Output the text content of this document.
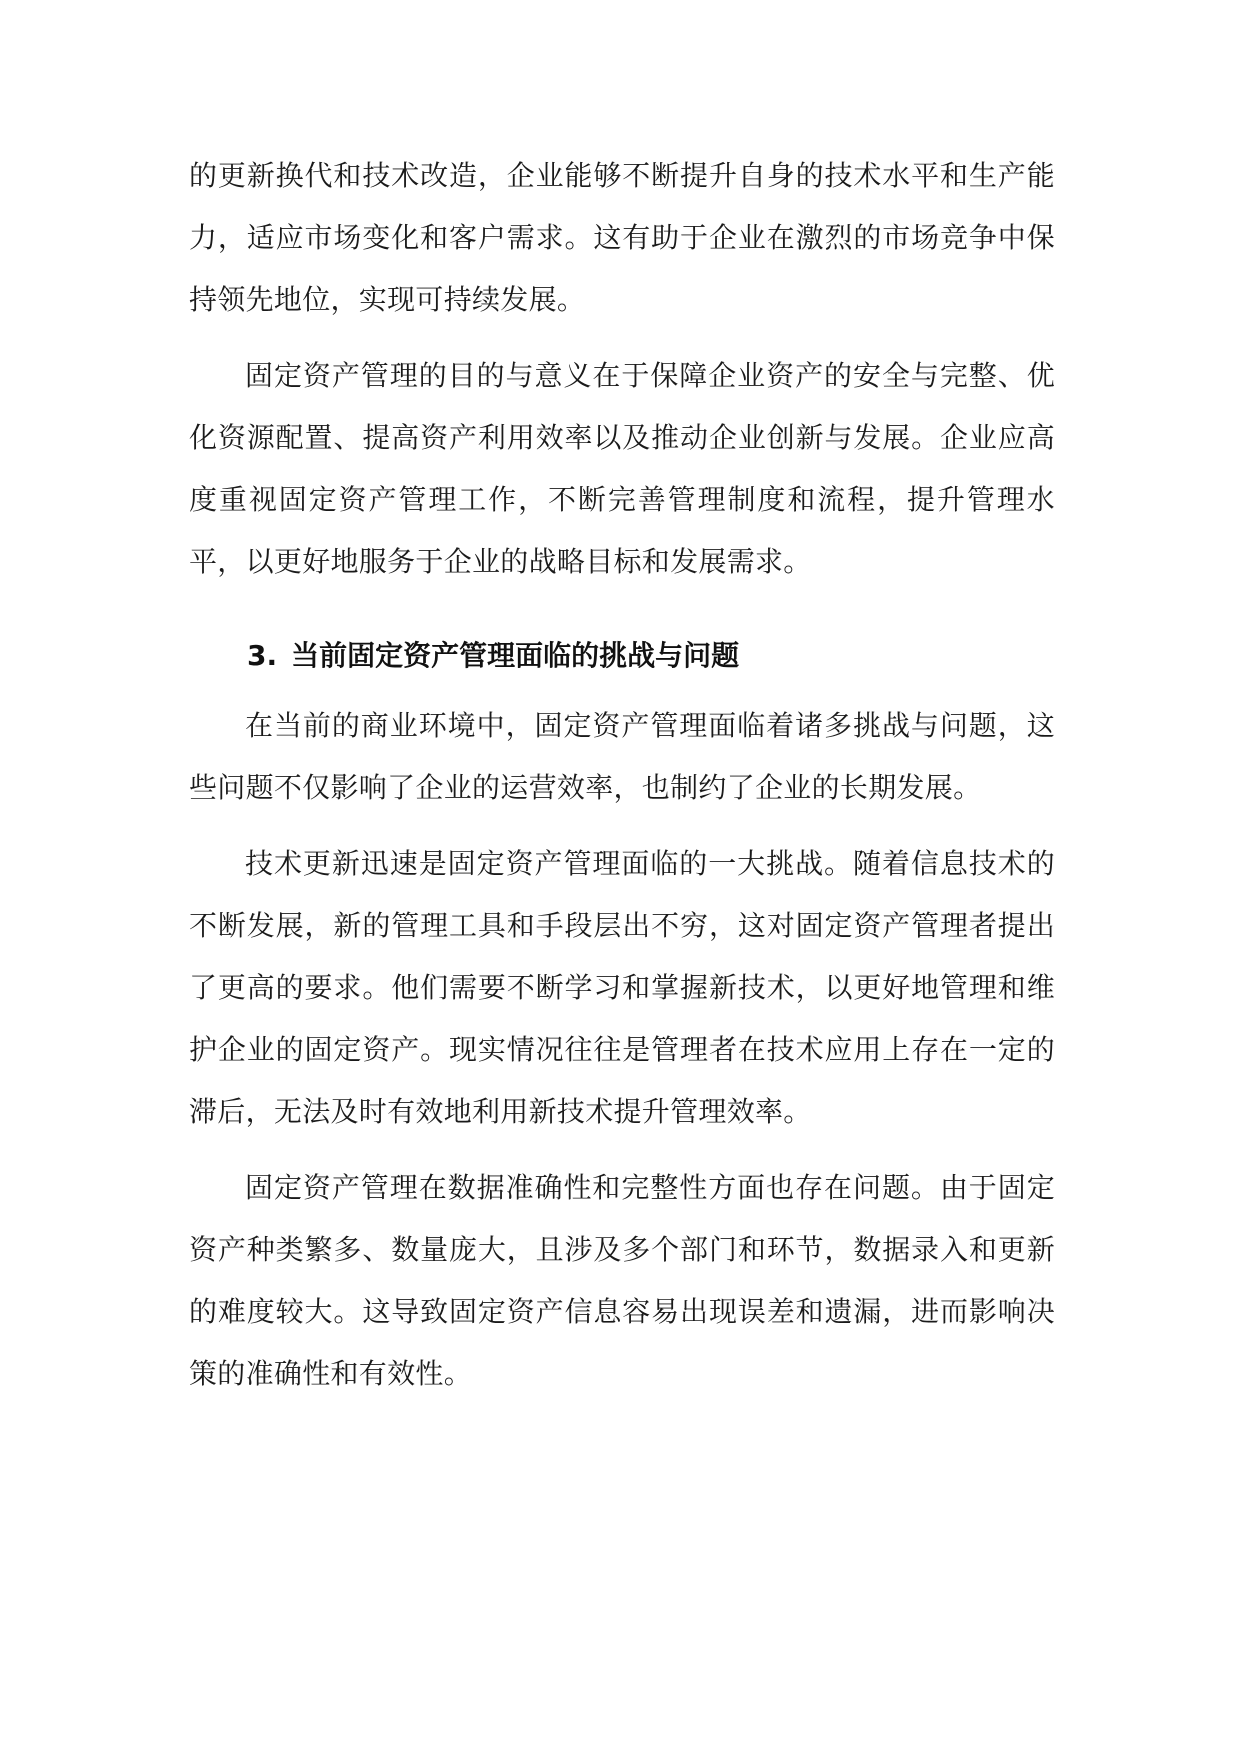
的更新换代和技术改造，企业能够不断提升自身的技术水平和生产能力，适应市场变化和客户需求。这有助于企业在激烈的市场竞争中保持领先地位，实现可持续发展。

固定资产管理的目的与意义在于保障企业资产的安全与完整、优化资源配置、提高资产利用效率以及推动企业创新与发展。企业应高度重视固定资产管理工作，不断完善管理制度和流程，提升管理水平，以更好地服务于企业的战略目标和发展需求。

3. 当前固定资产管理面临的挑战与问题

在当前的商业环境中，固定资产管理面临着诸多挑战与问题，这些问题不仅影响了企业的运营效率，也制约了企业的长期发展。

技术更新迅速是固定资产管理面临的一大挑战。随着信息技术的不断发展，新的管理工具和手段层出不穷，这对固定资产管理者提出了更高的要求。他们需要不断学习和掌握新技术，以更好地管理和维护企业的固定资产。现实情况往往是管理者在技术应用上存在一定的滞后，无法及时有效地利用新技术提升管理效率。

固定资产管理在数据准确性和完整性方面也存在问题。由于固定资产种类繁多、数量庞大，且涉及多个部门和环节，数据录入和更新的难度较大。这导致固定资产信息容易出现误差和遗漏，进而影响决策的准确性和有效性。
